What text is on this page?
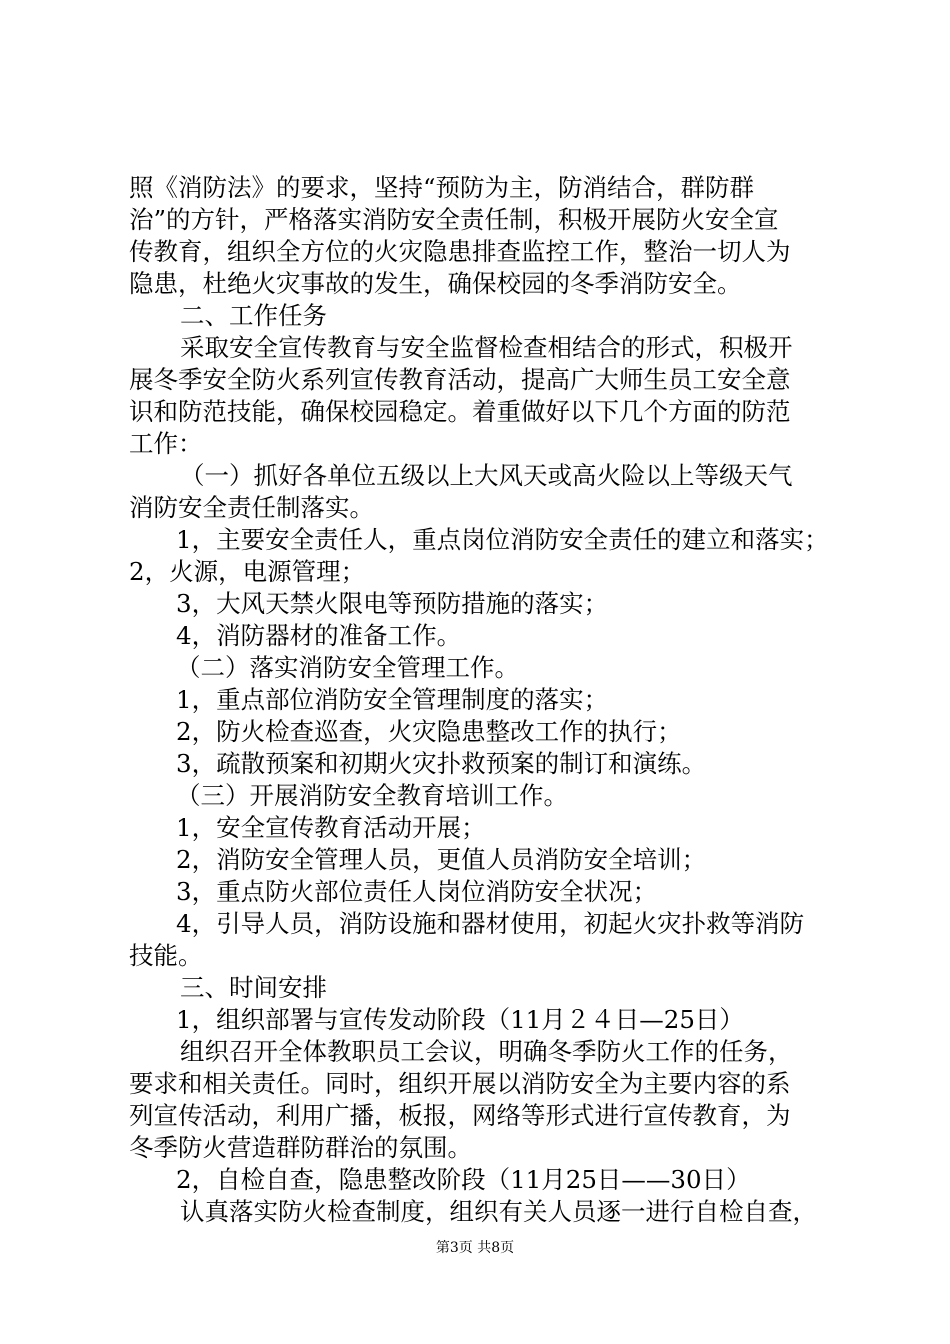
照《消防法》的要求，坚持“预防为主，防消结合，群防群
治”的方针，严格落实消防安全责任制，积极开展防火安全宣
传教育，组织全方位的火灾隐患排查监控工作，整治一切人为
隐患，杜绝火灾事故的发生，确保校园的冬季消防安全。
二、工作任务
采取安全宣传教育与安全监督检查相结合的形式，积极开
展冬季安全防火系列宣传教育活动，提高广大师生员工安全意
识和防范技能，确保校园稳定。着重做好以下几个方面的防范
工作：
（一）抓好各单位五级以上大风天或高火险以上等级天气
消防安全责任制落实。
1，主要安全责任人，重点岗位消防安全责任的建立和落实；
2，火源，电源管理；
3，大风天禁火限电等预防措施的落实；
4，消防器材的准备工作。
（二）落实消防安全管理工作。
1，重点部位消防安全管理制度的落实；
2，防火检查巡查，火灾隐患整改工作的执行；
3，疏散预案和初期火灾扑救预案的制订和演练。
（三）开展消防安全教育培训工作。
1，安全宣传教育活动开展；
2，消防安全管理人员，更值人员消防安全培训；
3，重点防火部位责任人岗位消防安全状况；
4，引导人员，消防设施和器材使用，初起火灾扑救等消防
技能。
三、时间安排
1，组织部署与宣传发动阶段（11月２４日—25日）
组织召开全体教职员工会议，明确冬季防火工作的任务，
要求和相关责任。同时，组织开展以消防安全为主要内容的系
列宣传活动，利用广播，板报，网络等形式进行宣传教育，为
冬季防火营造群防群治的氛围。
2，自检自查，隐患整改阶段（11月25日——30日）
认真落实防火检查制度，组织有关人员逐一进行自检自查，
第3页 共8页
